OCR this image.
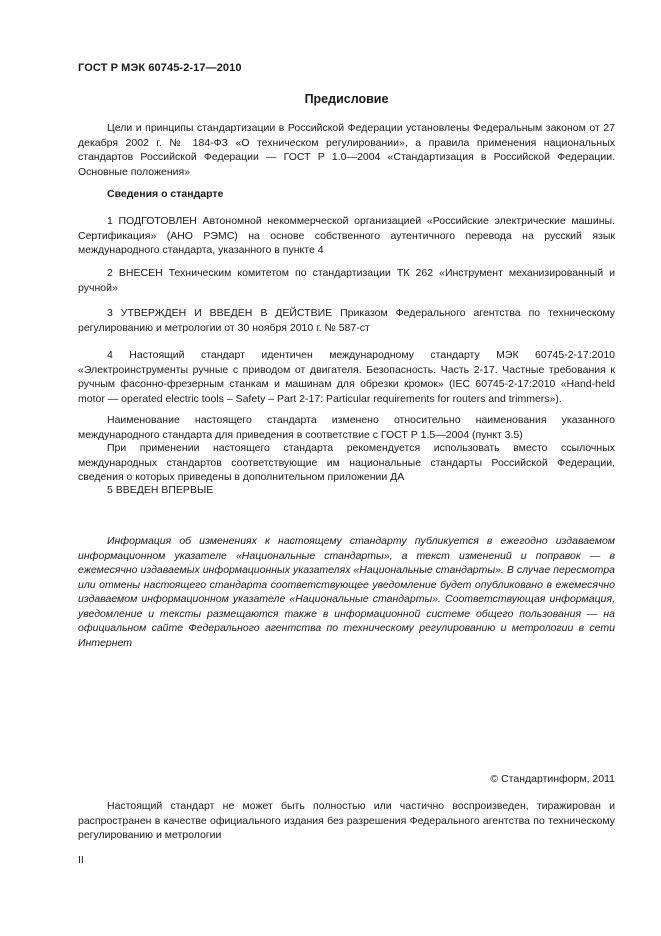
ГОСТ Р МЭК 60745-2-17—2010
Предисловие

Цели и принципы стандартизации в Российской Федерации установлены Федеральным законом от 27 декабря 2002 г. № 184-ФЗ «О техническом регулировании», а правила применения национальных стандартов Российской Федерации — ГОСТ Р 1.0—2004 «Стандартизация в Российской Федерации. Основные положения»

Сведения о стандарте

1 ПОДГОТОВЛЕН Автономной некоммерческой организацией «Российские электрические машины. Сертификация» (АНО РЭМС) на основе собственного аутентичного перевода на русский язык международного стандарта, указанного в пункте 4

2 ВНЕСЕН Техническим комитетом по стандартизации ТК 262 «Инструмент механизированный и ручной»

3 УТВЕРЖДЕН И ВВЕДЕН В ДЕЙСТВИЕ Приказом Федерального агентства по техническому регулированию и метрологии от 30 ноября 2010 г. № 587-ст

4 Настоящий стандарт идентичен международному стандарту МЭК 60745-2-17:2010 «Электроинструменты ручные с приводом от двигателя. Безопасность. Часть 2-17. Частные требования к ручным фасонно-фрезерным станкам и машинам для обрезки кромок» (IEC 60745-2-17:2010 «Hand-held motor — operated electric tools – Safety – Part 2-17: Particular requirements for routers and trimmers»).

Наименование настоящего стандарта изменено относительно наименования указанного международного стандарта для приведения в соответствие с ГОСТ Р 1.5—2004 (пункт 3.5)

При применении настоящего стандарта рекомендуется использовать вместо ссылочных международных стандартов соответствующие им национальные стандарты Российской Федерации, сведения о которых приведены в дополнительном приложении ДА

5 ВВЕДЕН ВПЕРВЫЕ

Информация об изменениях к настоящему стандарту публикуется в ежегодно издаваемом информационном указателе «Национальные стандарты», а текст изменений и поправок — в ежемесячно издаваемых информационных указателях «Национальные стандарты». В случае пересмотра или отмены настоящего стандарта соответствующее уведомление будет опубликовано в ежемесячно издаваемом информационном указателе «Национальные стандарты». Соответствующая информация, уведомление и тексты размещаются также в информационной системе общего пользования — на официальном сайте Федерального агентства по техническому регулированию и метрологии в сети Интернет

© Стандартинформ, 2011

Настоящий стандарт не может быть полностью или частично воспроизведен, тиражирован и распространен в качестве официального издания без разрешения Федерального агентства по техническому регулированию и метрологии

II
